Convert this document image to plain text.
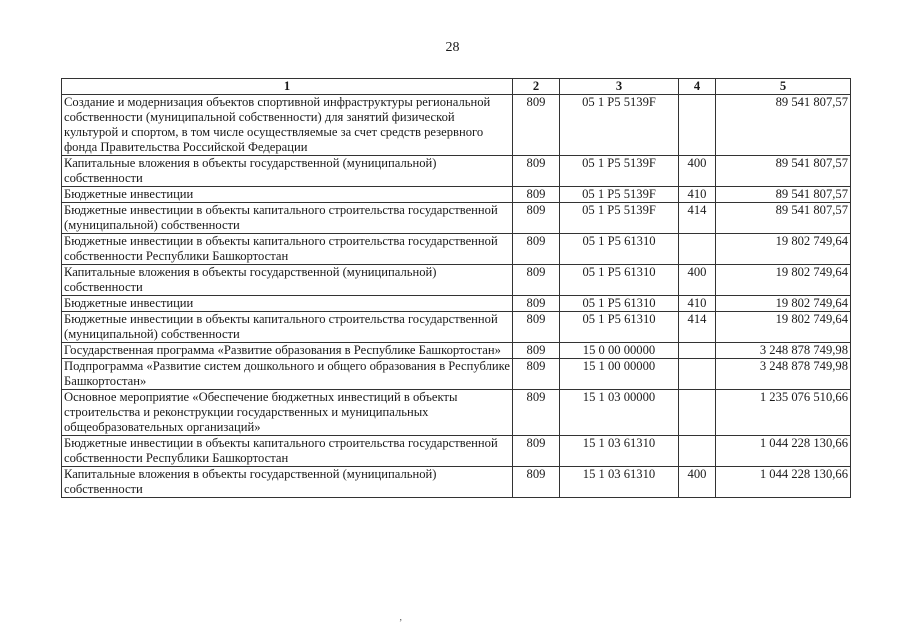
28
1	2	3	4	5
Создание и модернизация объектов спортивной инфраструктуры региональной собственности (муниципальной собственности) для занятий физической культурой и спортом, в том числе осуществляемые за счет средств резервного фонда Правительства Российской Федерации	809	05 1 P5 5139F		89 541 807,57
Капитальные вложения в объекты государственной (муниципальной) собственности	809	05 1 P5 5139F	400	89 541 807,57
Бюджетные инвестиции	809	05 1 P5 5139F	410	89 541 807,57
Бюджетные инвестиции в объекты капитального строительства государственной (муниципальной) собственности	809	05 1 P5 5139F	414	89 541 807,57
Бюджетные инвестиции в объекты капитального строительства государственной собственности Республики Башкортостан	809	05 1 P5 61310		19 802 749,64
Капитальные вложения в объекты государственной (муниципальной) собственности	809	05 1 P5 61310	400	19 802 749,64
Бюджетные инвестиции	809	05 1 P5 61310	410	19 802 749,64
Бюджетные инвестиции в объекты капитального строительства государственной (муниципальной) собственности	809	05 1 P5 61310	414	19 802 749,64
Государственная программа «Развитие образования в Республике Башкортостан»	809	15 0 00 00000		3 248 878 749,98
Подпрограмма «Развитие систем дошкольного и общего образования в Республике Башкортостан»	809	15 1 00 00000		3 248 878 749,98
Основное мероприятие «Обеспечение бюджетных инвестиций в объекты строительства и реконструкции государственных и муниципальных общеобразовательных организаций»	809	15 1 03 00000		1 235 076 510,66
Бюджетные инвестиции в объекты капитального строительства государственной собственности Республики Башкортостан	809	15 1 03 61310		1 044 228 130,66
Капитальные вложения в объекты государственной (муниципальной) собственности	809	15 1 03 61310	400	1 044 228 130,66
‚
